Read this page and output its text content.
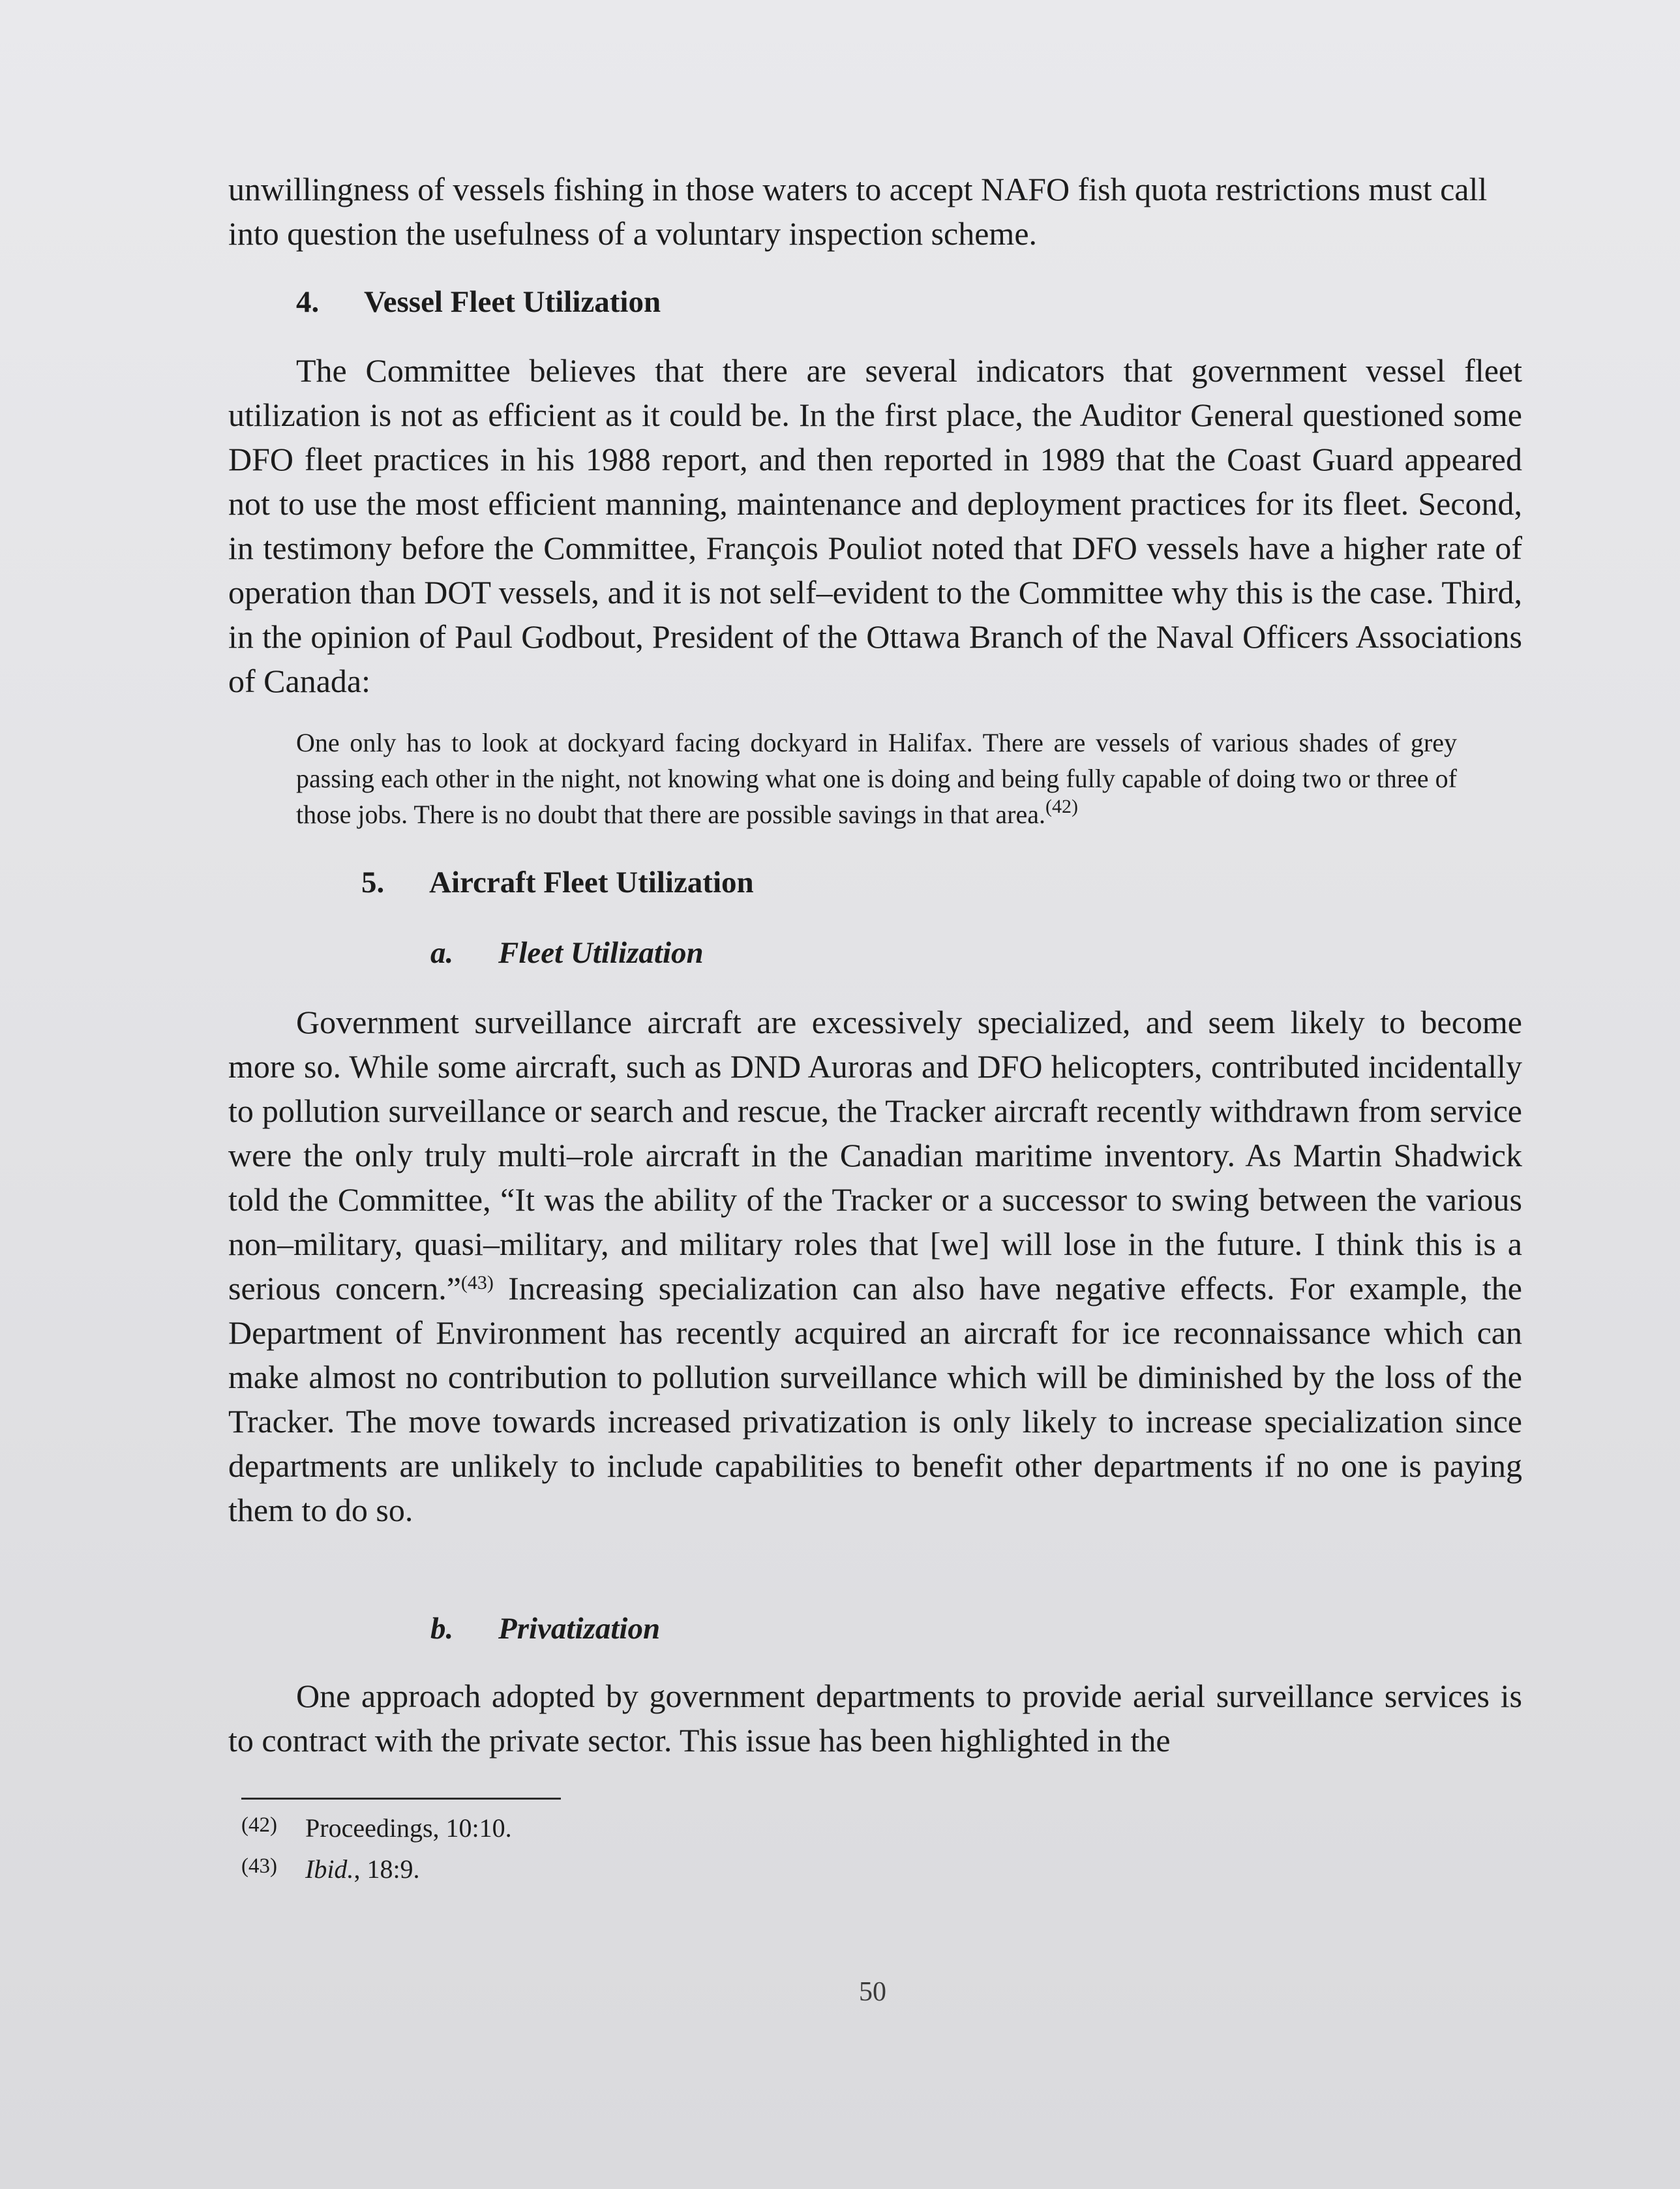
unwillingness of vessels fishing in those waters to accept NAFO fish quota restrictions must call into question the usefulness of a voluntary inspection scheme.

4. Vessel Fleet Utilization

The Committee believes that there are several indicators that government vessel fleet utilization is not as efficient as it could be. In the first place, the Auditor General questioned some DFO fleet practices in his 1988 report, and then reported in 1989 that the Coast Guard appeared not to use the most efficient manning, maintenance and deployment practices for its fleet. Second, in testimony before the Committee, François Pouliot noted that DFO vessels have a higher rate of operation than DOT vessels, and it is not self–evident to the Committee why this is the case. Third, in the opinion of Paul Godbout, President of the Ottawa Branch of the Naval Officers Associations of Canada:

One only has to look at dockyard facing dockyard in Halifax. There are vessels of various shades of grey passing each other in the night, not knowing what one is doing and being fully capable of doing two or three of those jobs. There is no doubt that there are possible savings in that area.$^{(42)}$

5. Aircraft Fleet Utilization
a. Fleet Utilization

Government surveillance aircraft are excessively specialized, and seem likely to become more so. While some aircraft, such as DND Auroras and DFO helicopters, contributed incidentally to pollution surveillance or search and rescue, the Tracker aircraft recently withdrawn from service were the only truly multi–role aircraft in the Canadian maritime inventory. As Martin Shadwick told the Committee, “It was the ability of the Tracker or a successor to swing between the various non–military, quasi–military, and military roles that [we] will lose in the future. I think this is a serious concern.”$^{(43)}$ Increasing specialization can also have negative effects. For example, the Department of Environment has recently acquired an aircraft for ice reconnaissance which can make almost no contribution to pollution surveillance which will be diminished by the loss of the Tracker. The move towards increased privatization is only likely to increase specialization since departments are unlikely to include capabilities to benefit other departments if no one is paying them to do so.

b. Privatization

One approach adopted by government departments to provide aerial surveillance services is to contract with the private sector. This issue has been highlighted in the

$^{(42)}$ Proceedings, 10:10.

$^{(43)}$ Ibid., 18:9.

50
